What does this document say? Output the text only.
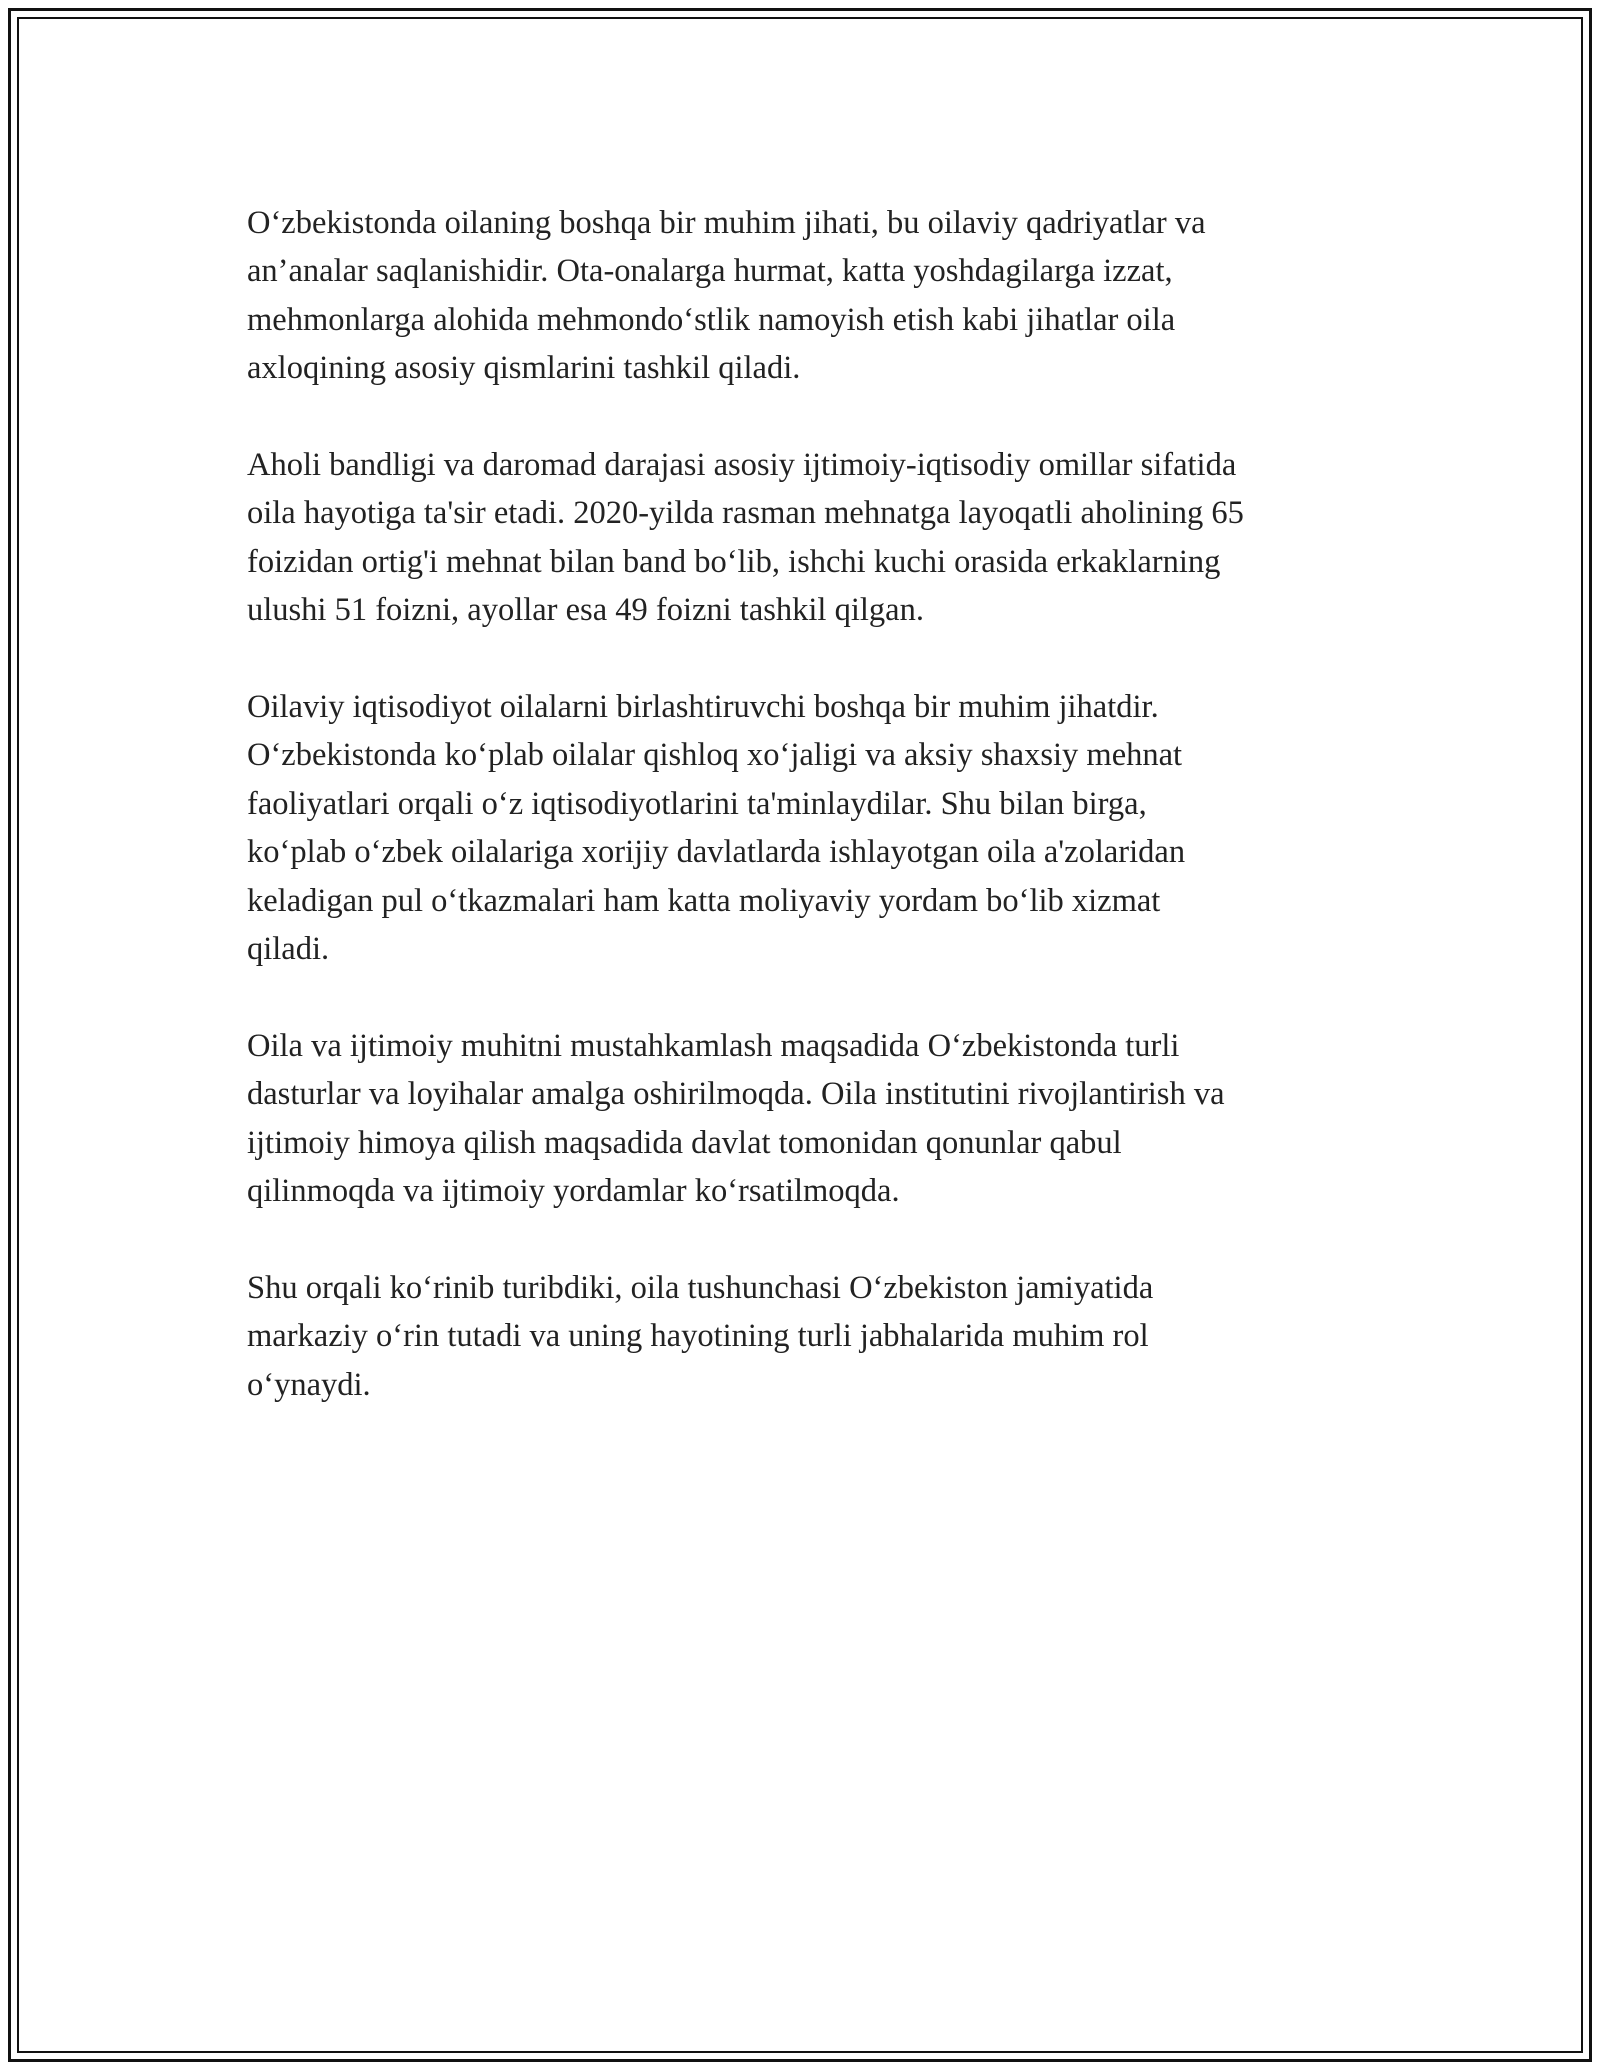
O‘zbekistonda oilaning boshqa bir muhim jihati, bu oilaviy qadriyatlar va
an’analar saqlanishidir. Ota-onalarga hurmat, katta yoshdagilarga izzat,
mehmonlarga alohida mehmondo‘stlik namoyish etish kabi jihatlar oila
axloqining asosiy qismlarini tashkil qiladi.

Aholi bandligi va daromad darajasi asosiy ijtimoiy-iqtisodiy omillar sifatida
oila hayotiga ta'sir etadi. 2020-yilda rasman mehnatga layoqatli aholining 65
foizidan ortig'i mehnat bilan band bo‘lib, ishchi kuchi orasida erkaklarning
ulushi 51 foizni, ayollar esa 49 foizni tashkil qilgan.

Oilaviy iqtisodiyot oilalarni birlashtiruvchi boshqa bir muhim jihatdir.
O‘zbekistonda ko‘plab oilalar qishloq xo‘jaligi va aksiy shaxsiy mehnat
faoliyatlari orqali o‘z iqtisodiyotlarini ta'minlaydilar. Shu bilan birga,
ko‘plab o‘zbek oilalariga xorijiy davlatlarda ishlayotgan oila a'zolaridan
keladigan pul o‘tkazmalari ham katta moliyaviy yordam bo‘lib xizmat
qiladi.

Oila va ijtimoiy muhitni mustahkamlash maqsadida O‘zbekistonda turli
dasturlar va loyihalar amalga oshirilmoqda. Oila institutini rivojlantirish va
ijtimoiy himoya qilish maqsadida davlat tomonidan qonunlar qabul
qilinmoqda va ijtimoiy yordamlar ko‘rsatilmoqda.

Shu orqali ko‘rinib turibdiki, oila tushunchasi O‘zbekiston jamiyatida
markaziy o‘rin tutadi va uning hayotining turli jabhalarida muhim rol
o‘ynaydi.
